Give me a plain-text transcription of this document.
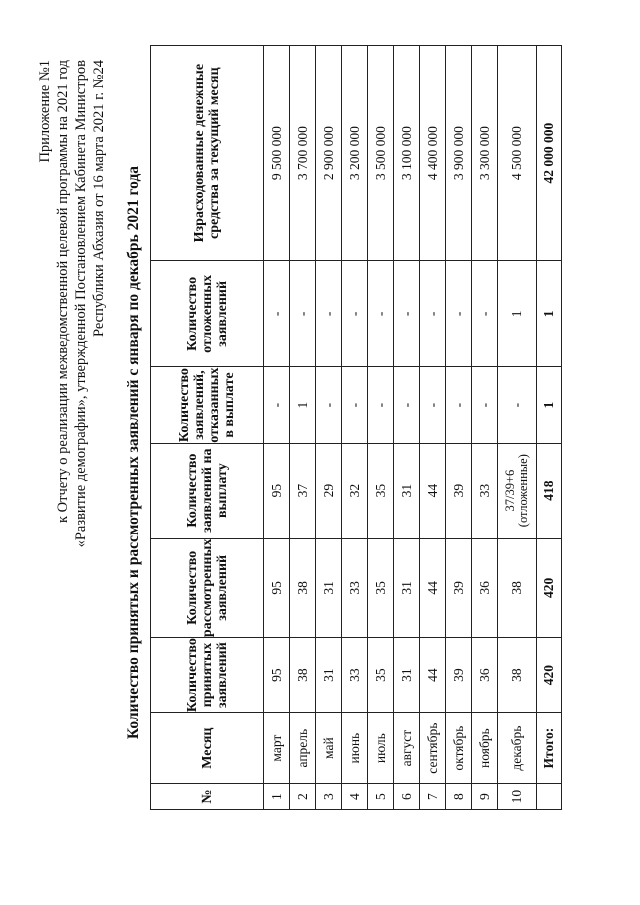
Приложение №1 к Отчету о реализации межведомственной целевой программы на 2021 год «Развитие демографии», утвержденной Постановлением Кабинета Министров Республики Абхазия от 16 марта 2021 г. №24 Количество принятых и рассмотренных заявлений с января по декабрь 2021 года
№	Месяц	Количество принятых заявлений	Количество рассмотренных заявлений	Количество заявлений на выплату	Количество заявлений, отказанных в выплате	Количество отложенных заявлений	Израсходованные денежные средства за текущий месяц
1	март	95	95	95	-	-	9 500 000
2	апрель	38	38	37	1	-	3 700 000
3	май	31	31	29	-	-	2 900 000
4	июнь	33	33	32	-	-	3 200 000
5	июль	35	35	35	-	-	3 500 000
6	август	31	31	31	-	-	3 100 000
7	сентябрь	44	44	44	-	-	4 400 000
8	октябрь	39	39	39	-	-	3 900 000
9	ноябрь	36	36	33	-	-	3 300 000
10	декабрь	38	38	37/39+6 (отложенные)	-	1	4 500 000
	Итого:	420	420	418	1	1	42 000 000
